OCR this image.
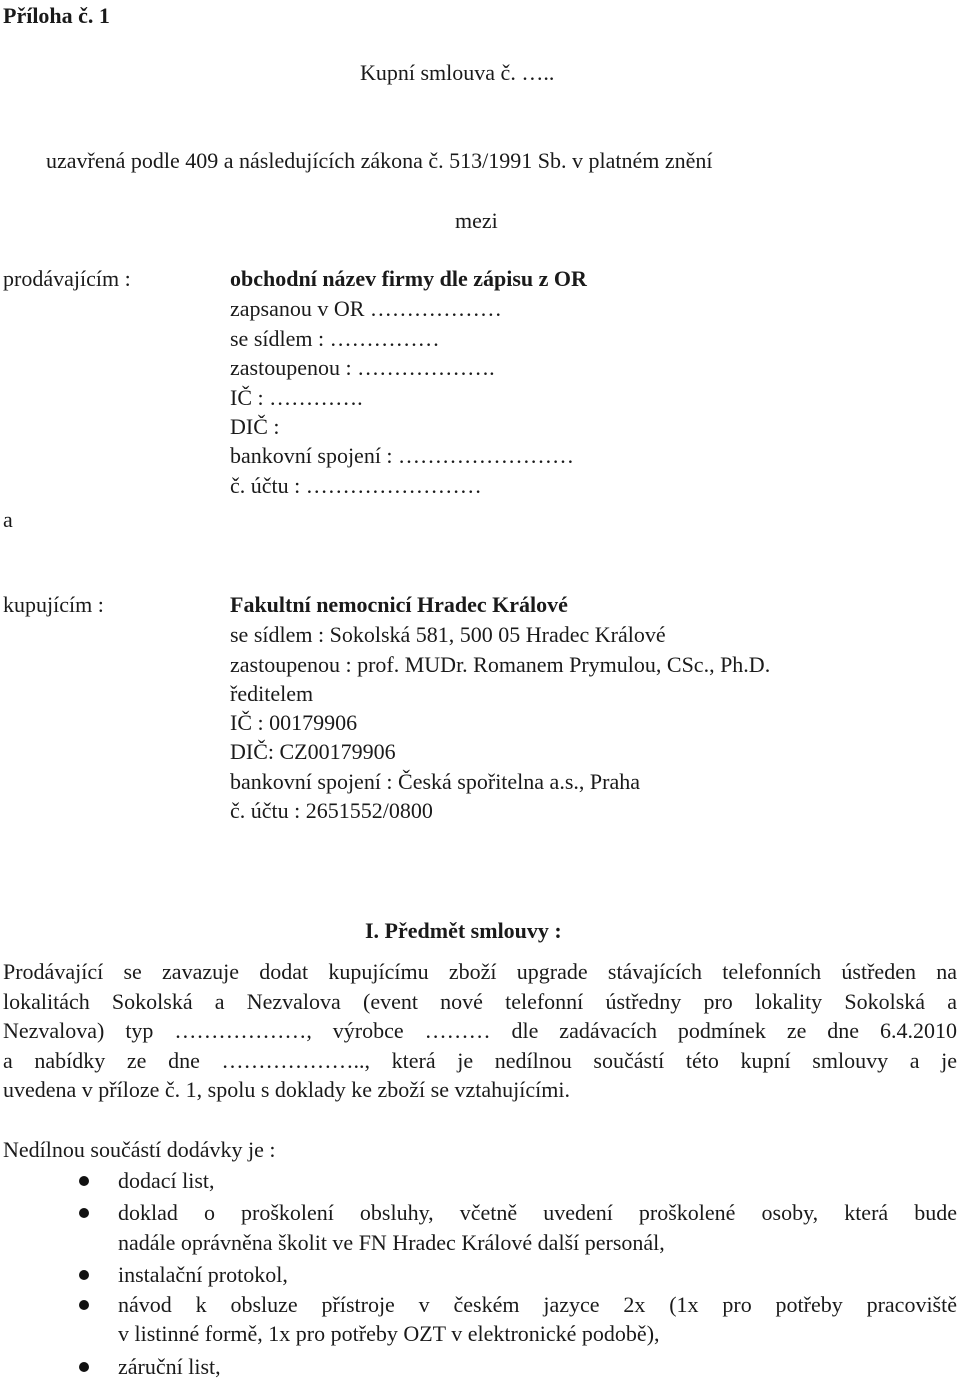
Příloha č. 1
Kupní smlouva č. …..
uzavřená podle 409 a následujících zákona č. 513/1991 Sb. v platném znění
mezi
prodávajícím :	obchodní název firmy dle zápisu z OR
zapsanou v OR ………………
se sídlem : ……………
zastoupenou : ……………….
IČ : ………….
DIČ :
bankovní spojení : ……………………
č. účtu : ……………………
a
kupujícím :	Fakultní nemocnicí Hradec Králové
se sídlem : Sokolská 581, 500 05 Hradec Králové
zastoupenou : prof. MUDr. Romanem Prymulou, CSc., Ph.D.
ředitelem
IČ : 00179906
DIČ: CZ00179906
bankovní spojení : Česká spořitelna a.s., Praha
č. účtu : 2651552/0800
I. Předmět smlouvy :
Prodávající se zavazuje dodat kupujícímu zboží upgrade stávajících telefonních ústředen na
lokalitách Sokolská a Nezvalova (event nové telefonní ústředny pro lokality Sokolská a
Nezvalova) typ ………………, výrobce ……… dle zadávacích podmínek ze dne 6.4.2010
a nabídky ze dne ……………….., která je nedílnou součástí této kupní smlouvy a je
uvedena v příloze č. 1, spolu s doklady ke zboží se vztahujícími.
Nedílnou součástí dodávky je :
dodací list,
doklad o proškolení obsluhy, včetně uvedení proškolené osoby, která bude
nadále oprávněna školit ve FN Hradec Králové další personál,
instalační protokol,
návod k obsluze přístroje v českém jazyce 2x (1x pro potřeby pracoviště
v listinné formě, 1x pro potřeby OZT v elektronické podobě),
záruční list,
